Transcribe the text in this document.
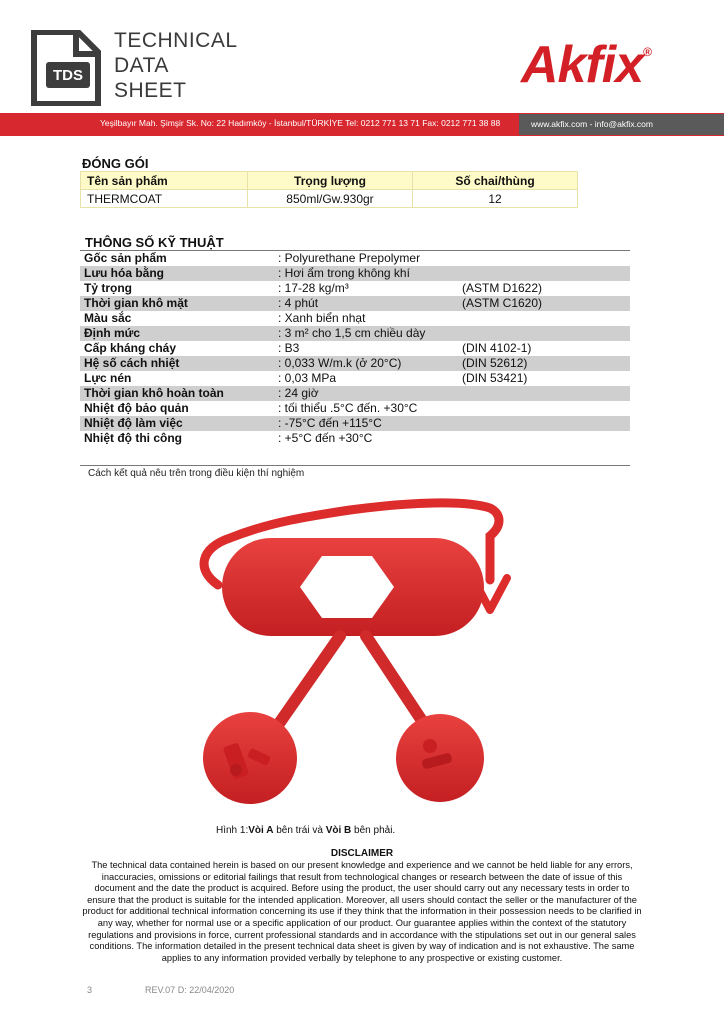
TDS
TECHNICAL
DATA
SHEET	Akfix®
Yeşilbayır Mah. Şimşir Sk. No: 22 Hadımköy - İstanbul/TÜRKİYE Tel: 0212 771 13 71 Fax: 0212 771 38 88	www.akfix.com - info@akfix.com
ĐÓNG GÓI
Tên sản phẩm	Trọng lượng	Số chai/thùng
THERMCOAT	850ml/Gw.930gr	12
THÔNG SỐ KỸ THUẬT
Gốc sản phẩm	: Polyurethane Prepolymer	
Lưu hóa bằng	: Hơi ẩm trong không khí	
Tỷ trọng	: 17-28 kg/m³	(ASTM D1622)
Thời gian khô mặt	: 4 phút	(ASTM C1620)
Màu sắc	: Xanh biển nhạt	
Định mức	: 3 m² cho 1,5 cm chiều dày	
Cấp kháng cháy	: B3	(DIN 4102-1)
Hệ số cách nhiệt	: 0,033 W/m.k (ở 20°C)	(DIN 52612)
Lực nén	: 0,03 MPa	(DIN 53421)
Thời gian khô hoàn toàn	: 24 giờ	
Nhiệt độ bảo quản	: tối thiểu .5°C đến. +30°C	
Nhiệt độ làm việc	: -75°C đến +115°C	
Nhiệt độ thi công	: +5°C đến +30°C	
Cách kết quả nêu trên trong điều kiện thí nghiệm
Hình 1:Vòi A bên trái và Vòi B bên phải.
DISCLAIMER
The technical data contained herein is based on our present knowledge and experience and we cannot be held liable for any errors, inaccuracies, omissions or editorial failings that result from technological changes or research between the date of issue of this document and the date the product is acquired. Before using the product, the user should carry out any necessary tests in order to ensure that the product is suitable for the intended application. Moreover, all users should contact the seller or the manufacturer of the product for additional technical information concerning its use if they think that the information in their possession needs to be clarified in any way, whether for normal use or a specific application of our product. Our guarantee applies within the context of the statutory regulations and provisions in force, current professional standards and in accordance with the stipulations set out in our general sales conditions. The information detailed in the present technical data sheet is given by way of indication and is not exhaustive. The same applies to any information provided verbally by telephone to any prospective or existing customer.
3	REV.07 D: 22/04/2020
